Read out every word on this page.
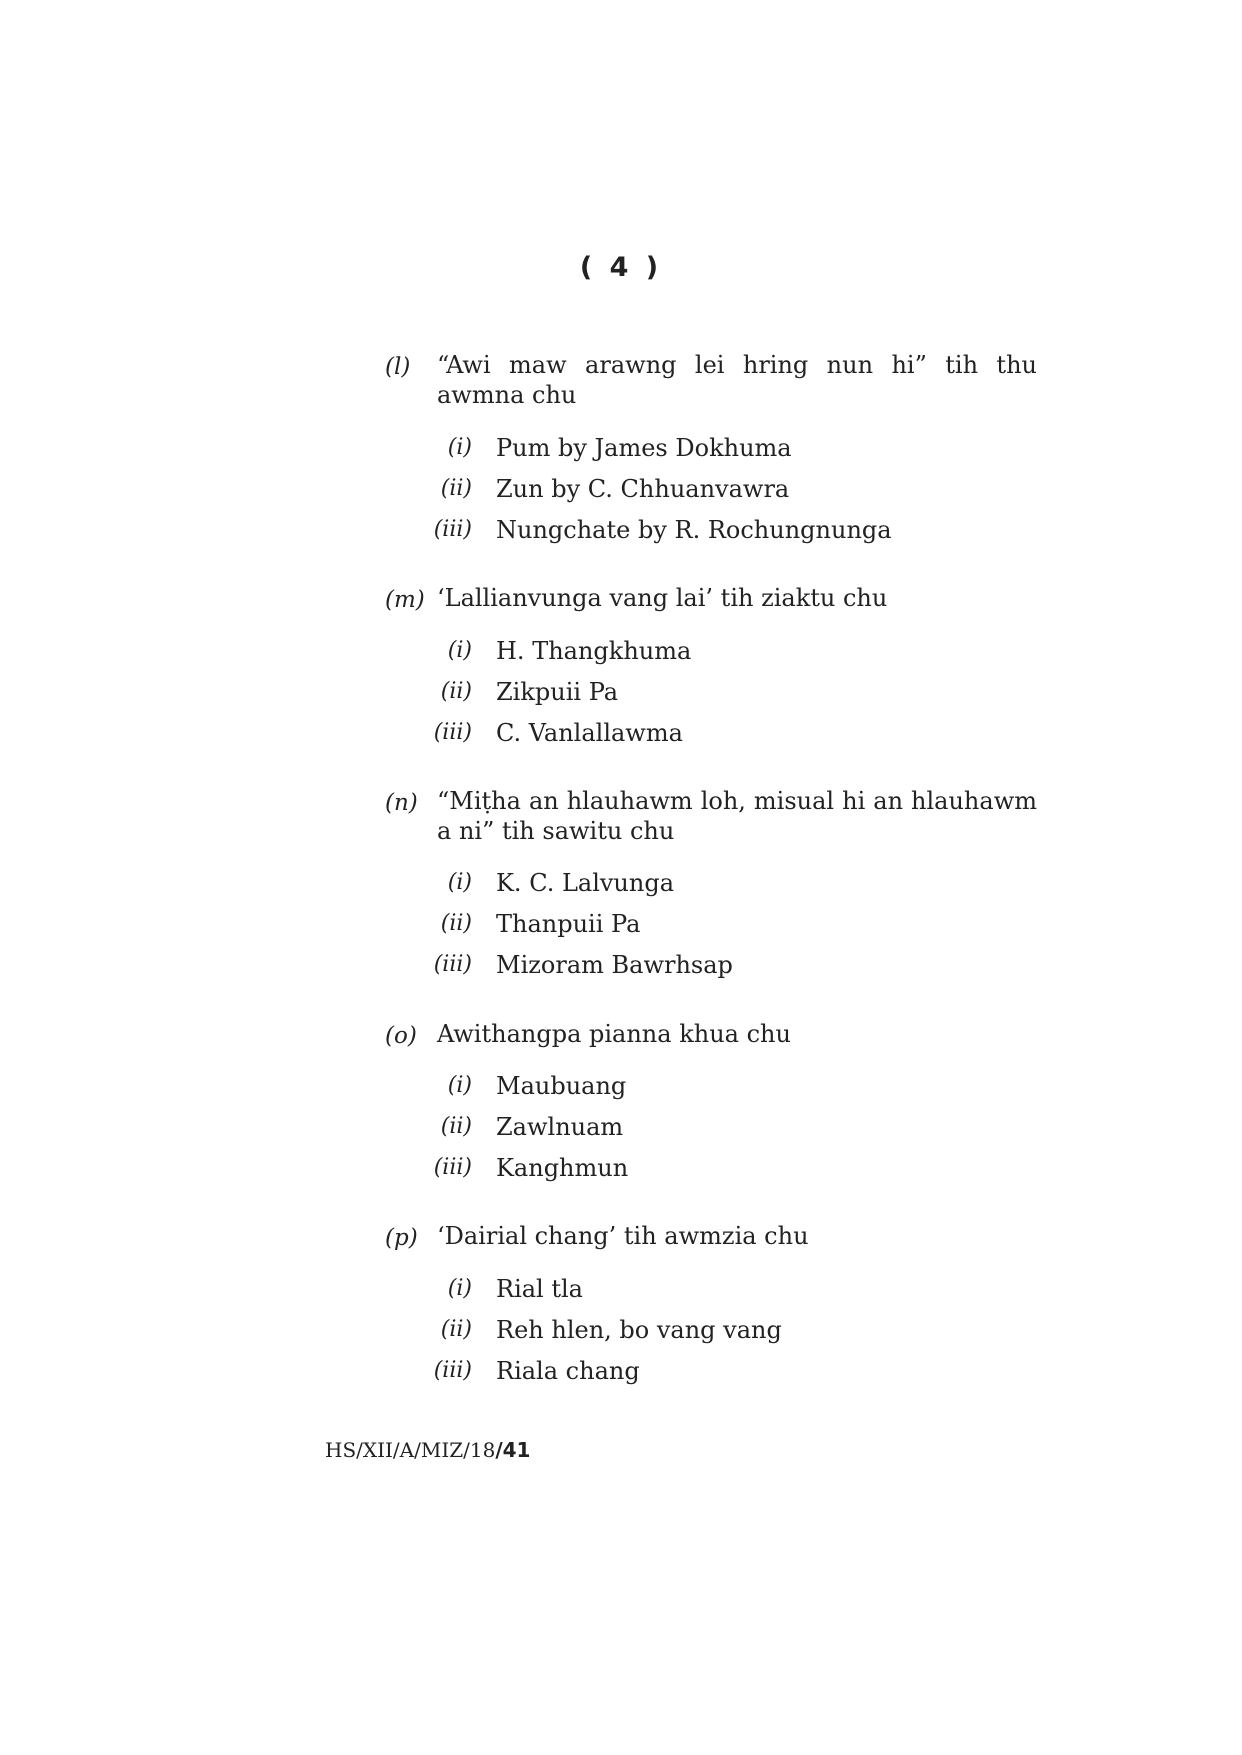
( 4 )
(l) “Awi maw arawng lei hring nun hi” tih thu awmna chu
(i) Pum by James Dokhuma
(ii) Zun by C. Chhuanvawra
(iii) Nungchate by R. Rochungnunga
(m) ‘Lallianvunga vang lai’ tih ziaktu chu
(i) H. Thangkhuma
(ii) Zikpuii Pa
(iii) C. Vanlallawma
(n) “Miṭha an hlauhawm loh, misual hi an hlauhawm a ni” tih sawitu chu
(i) K. C. Lalvunga
(ii) Thanpuii Pa
(iii) Mizoram Bawrhsap
(o) Awithangpa pianna khua chu
(i) Maubuang
(ii) Zawlnuam
(iii) Kanghmun
(p) ‘Dairial chang’ tih awmzia chu
(i) Rial tla
(ii) Reh hlen, bo vang vang
(iii) Riala chang
HS/XII/A/MIZ/18/41
